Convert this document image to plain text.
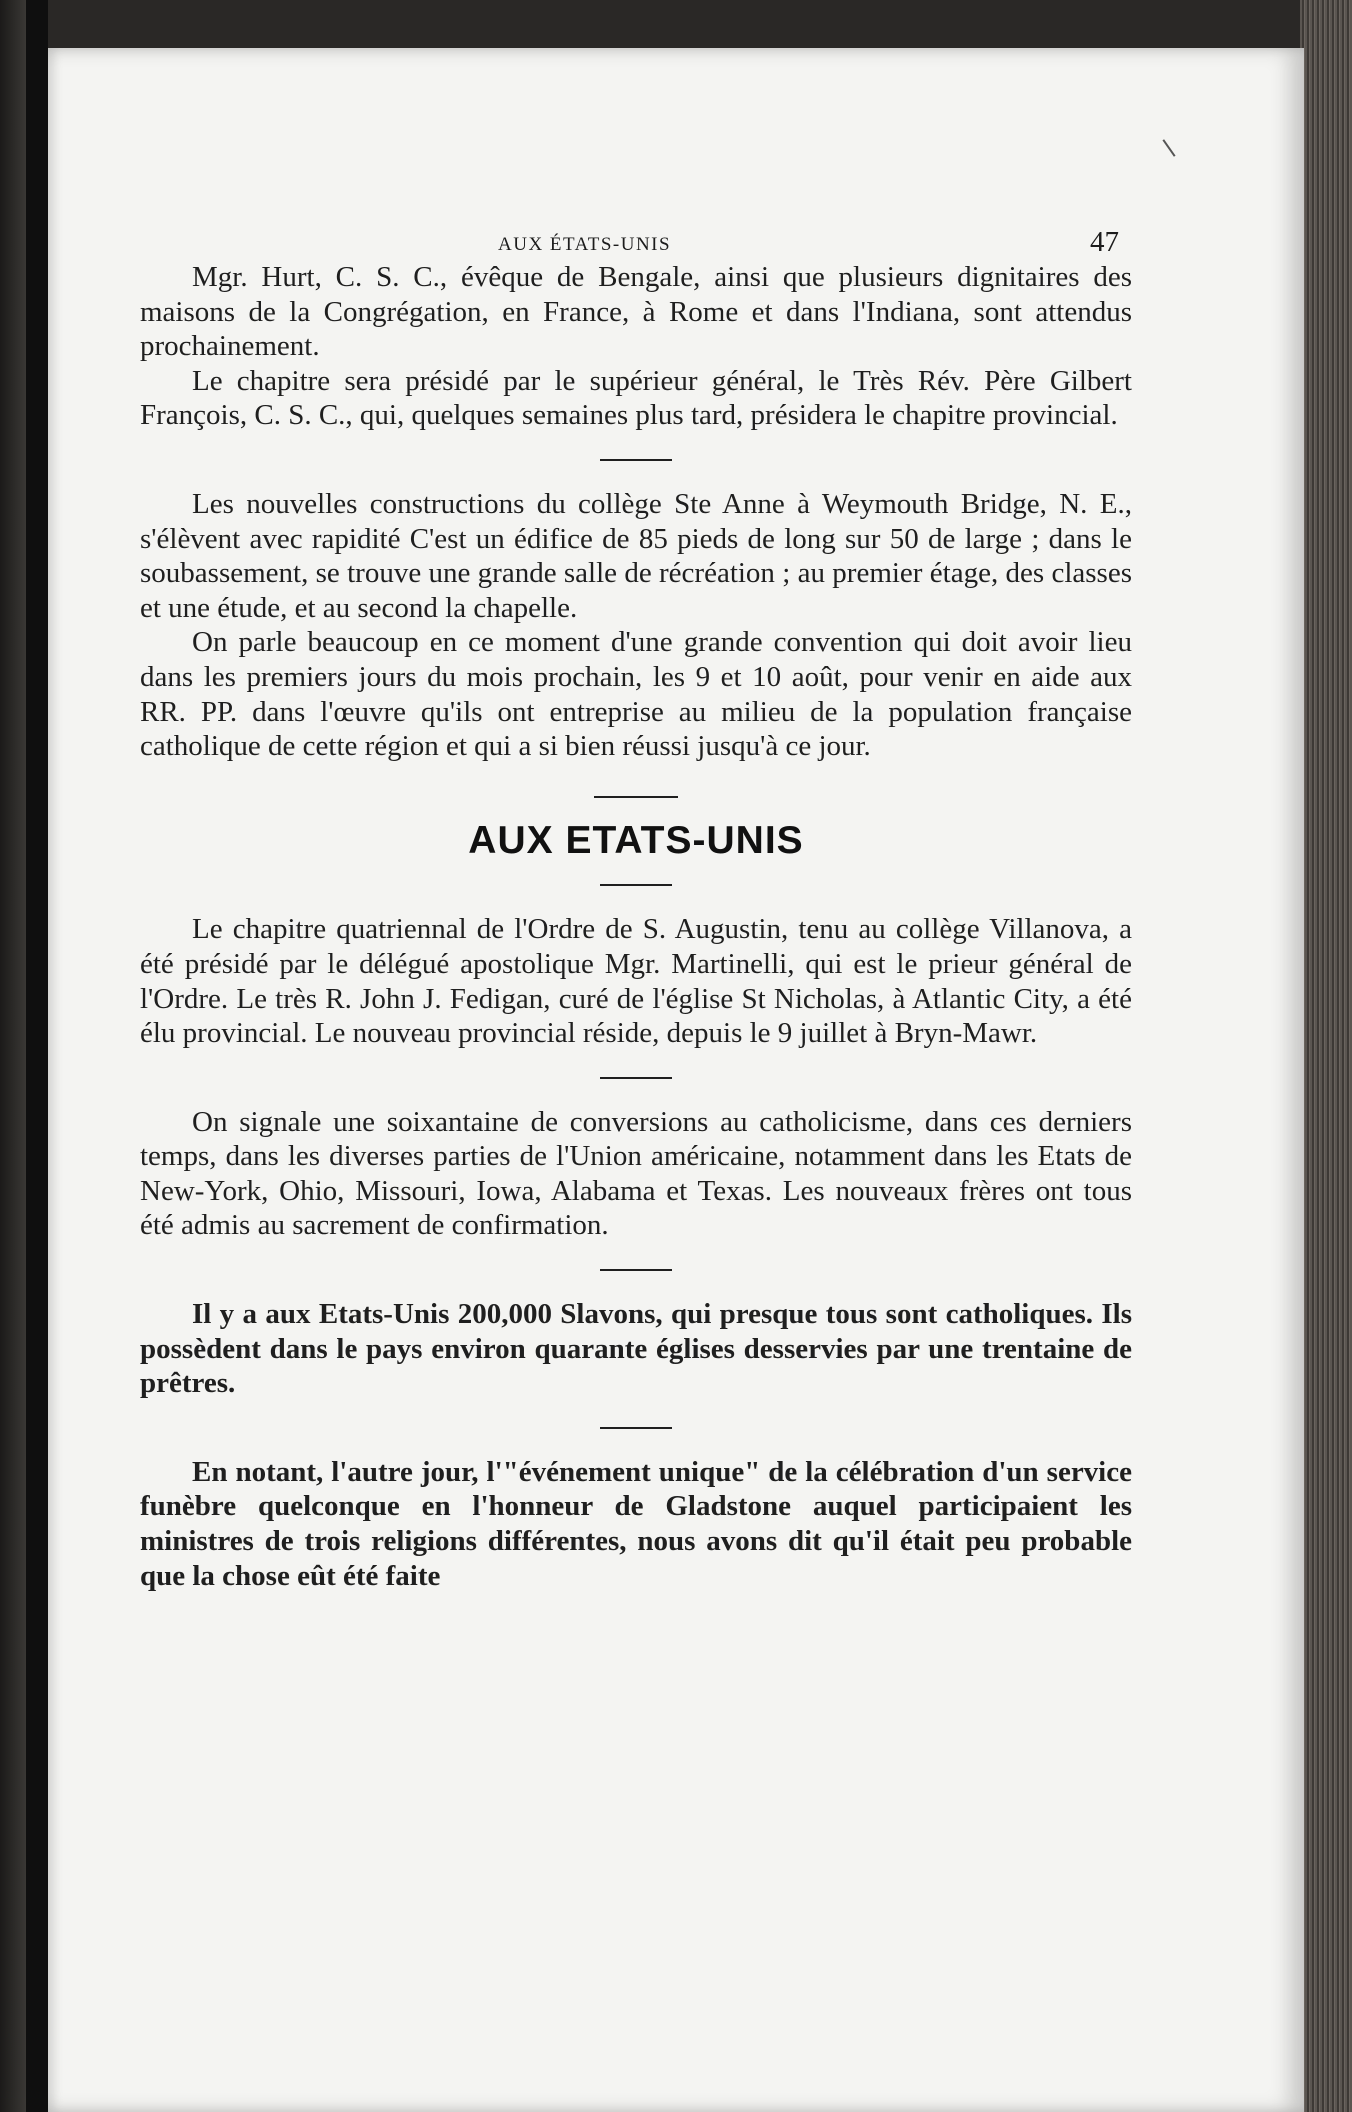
AUX ÉTATS-UNIS	47

Mgr. Hurt, C. S. C., évêque de Bengale, ainsi que plusieurs dignitaires des maisons de la Congrégation, en France, à Rome et dans l'Indiana, sont attendus prochainement.

Le chapitre sera présidé par le supérieur général, le Très Rév. Père Gilbert François, C. S. C., qui, quelques semaines plus tard, présidera le chapitre provincial.

Les nouvelles constructions du collège Ste Anne à Weymouth Bridge, N. E., s'élèvent avec rapidité C'est un édifice de 85 pieds de long sur 50 de large ; dans le soubassement, se trouve une grande salle de récréation ; au premier étage, des classes et une étude, et au second la chapelle.

On parle beaucoup en ce moment d'une grande convention qui doit avoir lieu dans les premiers jours du mois prochain, les 9 et 10 août, pour venir en aide aux RR. PP. dans l'œuvre qu'ils ont entreprise au milieu de la population française catholique de cette région et qui a si bien réussi jusqu'à ce jour.

AUX ETATS-UNIS

Le chapitre quatriennal de l'Ordre de S. Augustin, tenu au collège Villanova, a été présidé par le délégué apostolique Mgr. Martinelli, qui est le prieur général de l'Ordre. Le très R. John J. Fedigan, curé de l'église St Nicholas, à Atlantic City, a été élu provincial. Le nouveau provincial réside, depuis le 9 juillet à Bryn-Mawr.

On signale une soixantaine de conversions au catholicisme, dans ces derniers temps, dans les diverses parties de l'Union américaine, notamment dans les Etats de New-York, Ohio, Missouri, Iowa, Alabama et Texas. Les nouveaux frères ont tous été admis au sacrement de confirmation.

Il y a aux Etats-Unis 200,000 Slavons, qui presque tous sont catholiques. Ils possèdent dans le pays environ quarante églises desservies par une trentaine de prêtres.

En notant, l'autre jour, l'"événement unique" de la célébration d'un service funèbre quelconque en l'honneur de Gladstone auquel participaient les ministres de trois religions différentes, nous avons dit qu'il était peu probable que la chose eût été faite
